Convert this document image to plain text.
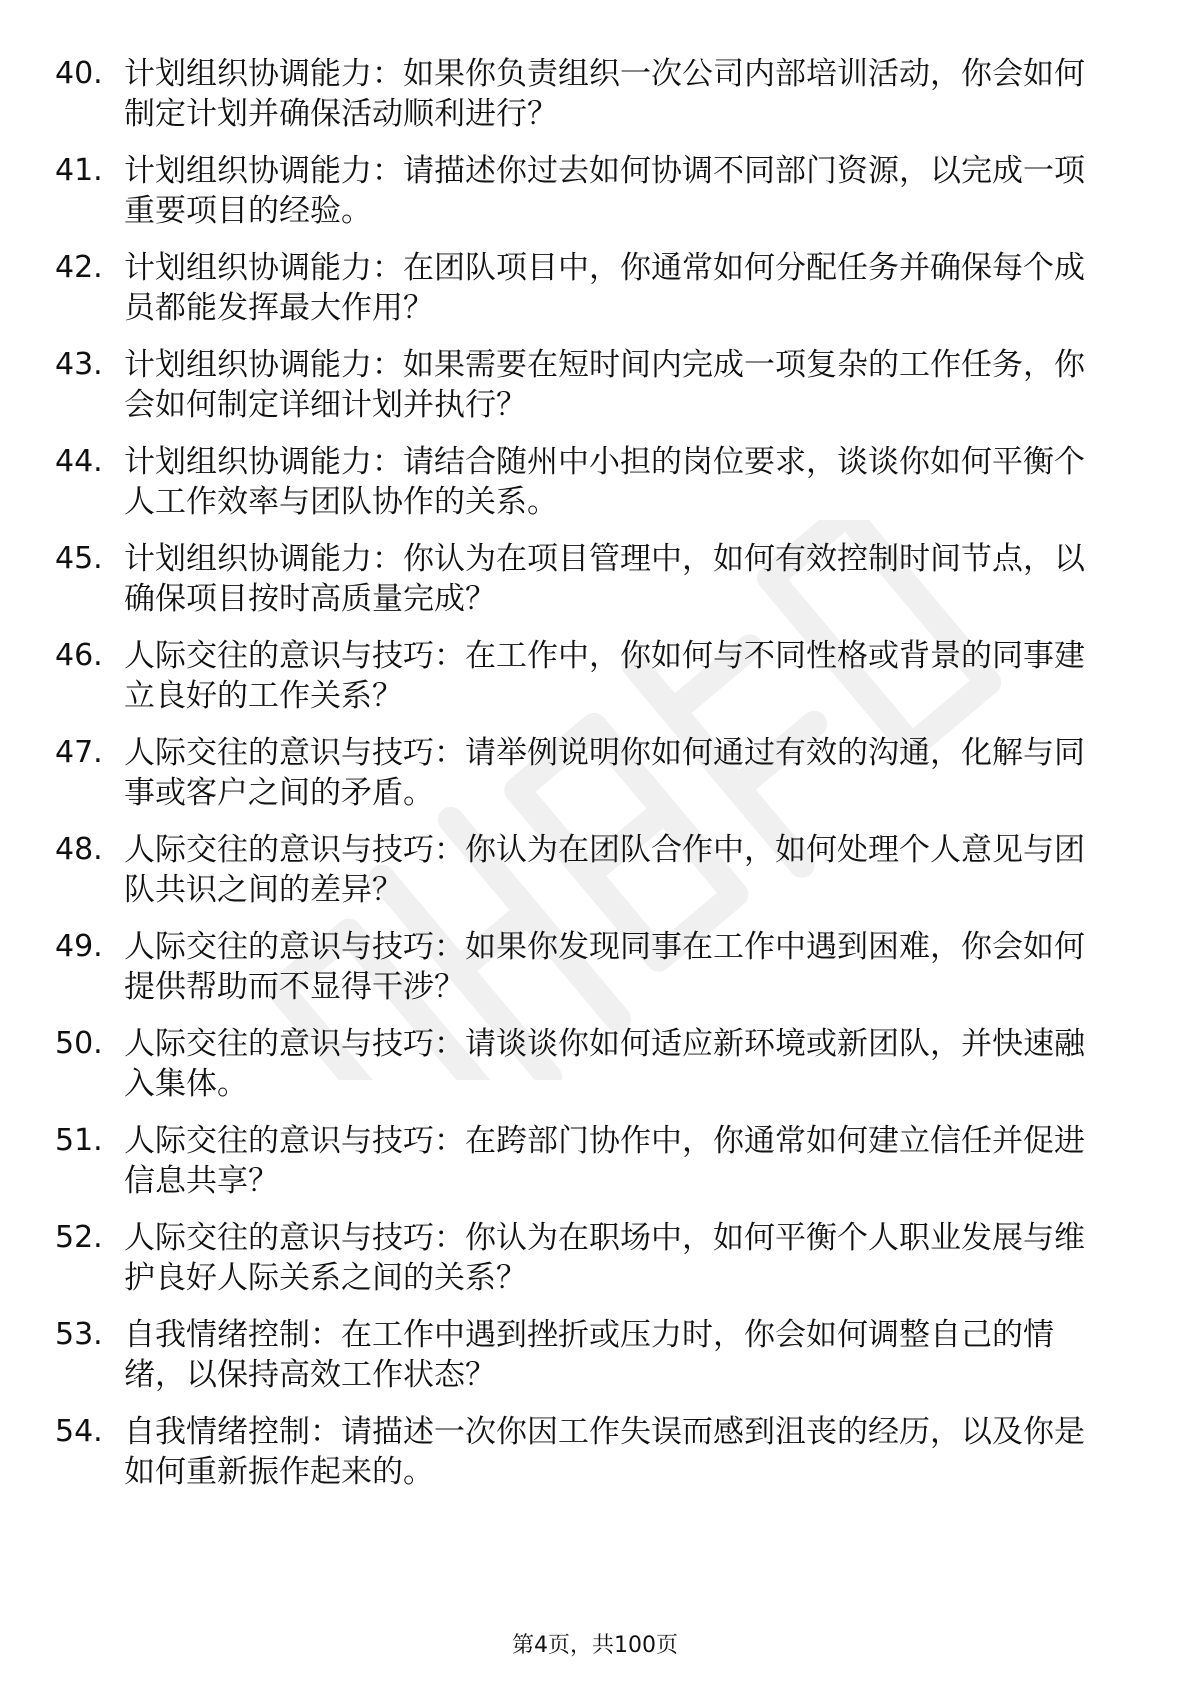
40. 计划组织协调能力：如果你负责组织一次公司内部培训活动，你会如何制定计划并确保活动顺利进行？

41. 计划组织协调能力：请描述你过去如何协调不同部门资源，以完成一项重要项目的经验。

42. 计划组织协调能力：在团队项目中，你通常如何分配任务并确保每个成员都能发挥最大作用？

43. 计划组织协调能力：如果需要在短时间内完成一项复杂的工作任务，你会如何制定详细计划并执行？

44. 计划组织协调能力：请结合随州中小担的岗位要求，谈谈你如何平衡个人工作效率与团队协作的关系。

45. 计划组织协调能力：你认为在项目管理中，如何有效控制时间节点，以确保项目按时高质量完成？

46. 人际交往的意识与技巧：在工作中，你如何与不同性格或背景的同事建立良好的工作关系？

47. 人际交往的意识与技巧：请举例说明你如何通过有效的沟通，化解与同事或客户之间的矛盾。

48. 人际交往的意识与技巧：你认为在团队合作中，如何处理个人意见与团队共识之间的差异？

49. 人际交往的意识与技巧：如果你发现同事在工作中遇到困难，你会如何提供帮助而不显得干涉？

50. 人际交往的意识与技巧：请谈谈你如何适应新环境或新团队，并快速融入集体。

51. 人际交往的意识与技巧：在跨部门协作中，你通常如何建立信任并促进信息共享？

52. 人际交往的意识与技巧：你认为在职场中，如何平衡个人职业发展与维护良好人际关系之间的关系？

53. 自我情绪控制：在工作中遇到挫折或压力时，你会如何调整自己的情绪，以保持高效工作状态？

54. 自我情绪控制：请描述一次你因工作失误而感到沮丧的经历，以及你是如何重新振作起来的。

第4页，共100页
